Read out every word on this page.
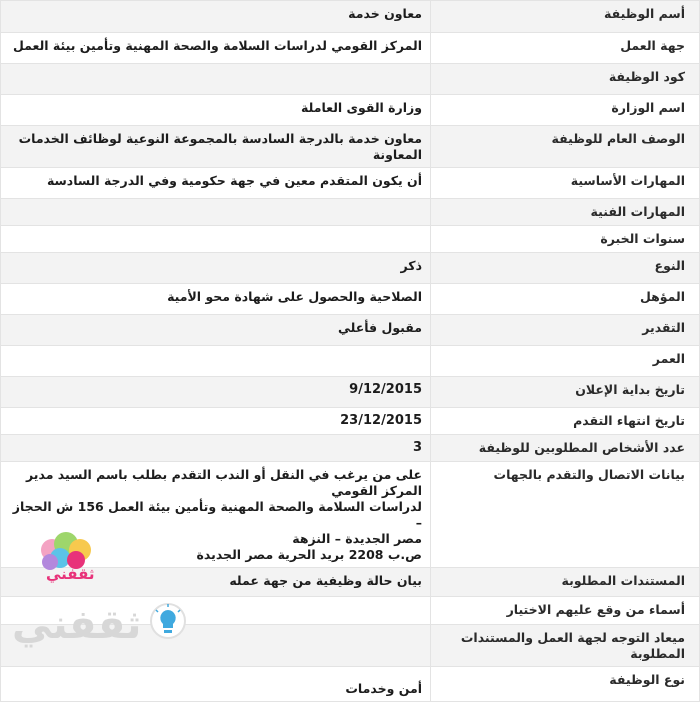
أسم الوظيفة	معاون خدمة
جهة العمل	المركز القومي لدراسات السلامة والصحة المهنية وتأمين بيئة العمل
كود الوظيفة	
اسم الوزارة	وزارة القوى العاملة
الوصف العام للوظيفة	معاون خدمة بالدرجة السادسة بالمجموعة النوعية لوظائف الخدمات المعاونة
المهارات الأساسية	أن يكون المتقدم معين في جهة حكومية وفي الدرجة السادسة
المهارات الفنية	
سنوات الخبرة	
النوع	ذكر
المؤهل	الصلاحية والحصول على شهادة محو الأمية
التقدير	مقبول فأعلي
العمر	
تاريخ بداية الإعلان	9/12/2015
تاريخ انتهاء التقدم	23/12/2015
عدد الأشخاص المطلوبين للوظيفة	3
بيانات الاتصال والتقدم بالجهات	على من يرغب في النقل أو الندب التقدم بطلب باسم السيد مدير المركز القومي
لدراسات السلامة والصحة المهنية وتأمين بيئة العمل 156 ش الحجاز –
مصر الجديدة – النزهة
ص.ب 2208 بريد الحرية مصر الجديدة

المستندات المطلوبة	بيان حالة وظيفية من جهة عمله
أسماء من وقع عليهم الاختيار	
ميعاد التوجه لجهة العمل والمستندات المطلوبة	
نوع الوظيفة	أمن وخدمات
ثقفني
ثقفني
